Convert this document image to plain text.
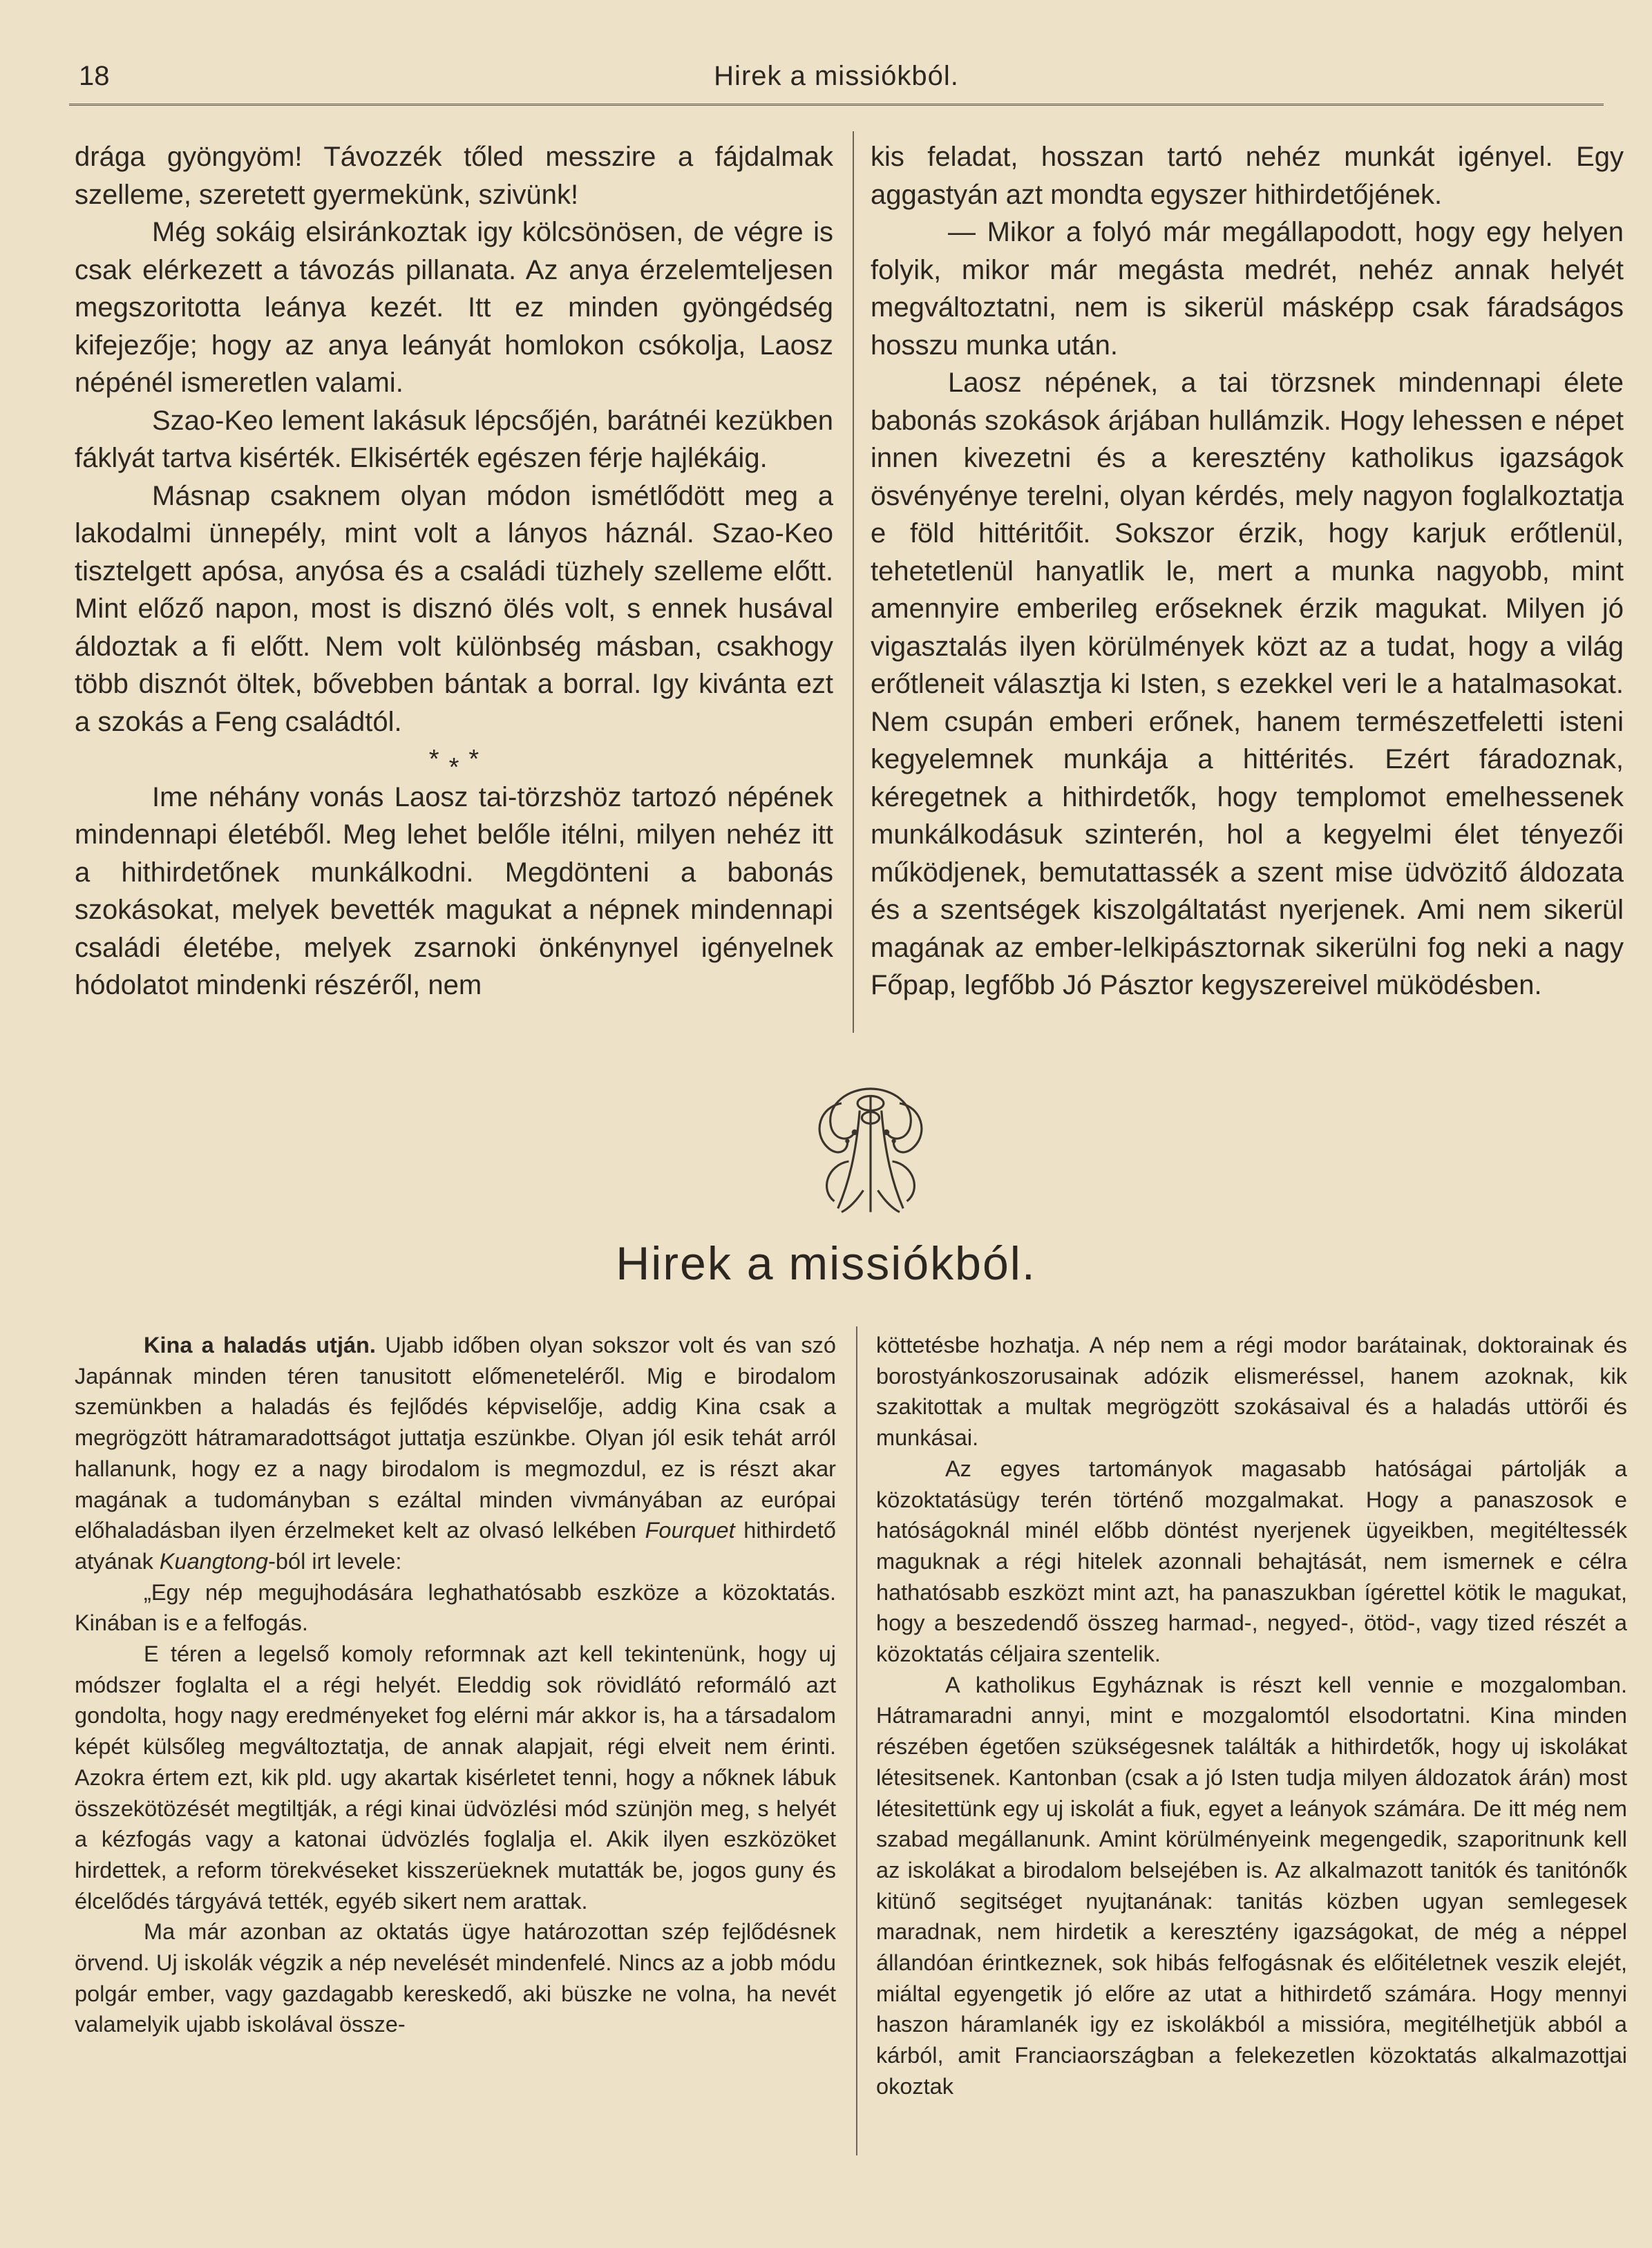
18	Hirek a missiókból.

drága gyöngyöm! Távozzék tőled messzire a fájdalmak szelleme, szeretett gyermekünk, szivünk!

Még sokáig elsiránkoztak igy kölcsönösen, de végre is csak elérkezett a távozás pillanata. Az anya érzelemteljesen megszoritotta leánya kezét. Itt ez minden gyöngédség kifejezője; hogy az anya leányát homlokon csókolja, Laosz népénél ismeretlen valami.

Szao-Keo lement lakásuk lépcsőjén, barátnéi kezükben fáklyát tartva kisérték. Elkisérték egészen férje hajlékáig.

Másnap csaknem olyan módon ismétlődött meg a lakodalmi ünnepély, mint volt a lányos háznál. Szao-Keo tisztelgett apósa, anyósa és a családi tüzhely szelleme előtt. Mint előző napon, most is disznó ölés volt, s ennek husával áldoztak a fi előtt. Nem volt különbség másban, csakhogy több disznót öltek, bővebben bántak a borral. Igy kivánta ezt a szokás a Feng családtól.

* * *

Ime néhány vonás Laosz tai-törzshöz tartozó népének mindennapi életéből. Meg lehet belőle itélni, milyen nehéz itt a hithirdetőnek munkálkodni. Megdönteni a babonás szokásokat, melyek bevették magukat a népnek mindennapi családi életébe, melyek zsarnoki önkénynyel igényelnek hódolatot mindenki részéről, nem

kis feladat, hosszan tartó nehéz munkát igényel. Egy aggastyán azt mondta egyszer hithirdetőjének.

— Mikor a folyó már megállapodott, hogy egy helyen folyik, mikor már megásta medrét, nehéz annak helyét megváltoztatni, nem is sikerül másképp csak fáradságos hosszu munka után.

Laosz népének, a tai törzsnek mindennapi élete babonás szokások árjában hullámzik. Hogy lehessen e népet innen kivezetni és a keresztény katholikus igazságok ösvényénye terelni, olyan kérdés, mely nagyon foglalkoztatja e föld hittéritőit. Sokszor érzik, hogy karjuk erőtlenül, tehetetlenül hanyatlik le, mert a munka nagyobb, mint amennyire emberileg erőseknek érzik magukat. Milyen jó vigasztalás ilyen körülmények közt az a tudat, hogy a világ erőtleneit választja ki Isten, s ezekkel veri le a hatalmasokat. Nem csupán emberi erőnek, hanem természetfeletti isteni kegyelemnek munkája a hittérités. Ezért fáradoznak, kéregetnek a hithirdetők, hogy templomot emelhessenek munkálkodásuk szinterén, hol a kegyelmi élet tényezői működjenek, bemutattassék a szent mise üdvözitő áldozata és a szentségek kiszolgáltatást nyerjenek. Ami nem sikerül magának az ember-lelkipásztornak sikerülni fog neki a nagy Főpap, legfőbb Jó Pásztor kegyszereivel müködésben.

Hirek a missiókból.

Kina a haladás utján. Ujabb időben olyan sokszor volt és van szó Japánnak minden téren tanusitott előmeneteléről. Mig e birodalom szemünkben a haladás és fejlődés képviselője, addig Kina csak a megrögzött hátramaradottságot juttatja eszünkbe. Olyan jól esik tehát arról hallanunk, hogy ez a nagy birodalom is megmozdul, ez is részt akar magának a tudományban s ezáltal minden vivmányában az európai előhaladásban ilyen érzelmeket kelt az olvasó lelkében Fourquet hithirdető atyának Kuangtong-ból irt levele:

„Egy nép megujhodására leghathatósabb eszköze a közoktatás. Kinában is e a felfogás.

E téren a legelső komoly reformnak azt kell tekintenünk, hogy uj módszer foglalta el a régi helyét. Eleddig sok rövidlátó reformáló azt gondolta, hogy nagy eredményeket fog elérni már akkor is, ha a társadalom képét külsőleg megváltoztatja, de annak alapjait, régi elveit nem érinti. Azokra értem ezt, kik pld. ugy akartak kisérletet tenni, hogy a nőknek lábuk összekötözését megtiltják, a régi kinai üdvözlési mód szünjön meg, s helyét a kézfogás vagy a katonai üdvözlés foglalja el. Akik ilyen eszközöket hirdettek, a reform törekvéseket kisszerüeknek mutatták be, jogos guny és élcelődés tárgyává tették, egyéb sikert nem arattak.

Ma már azonban az oktatás ügye határozottan szép fejlődésnek örvend. Uj iskolák végzik a nép nevelését mindenfelé. Nincs az a jobb módu polgár ember, vagy gazdagabb kereskedő, aki büszke ne volna, ha nevét valamelyik ujabb iskolával össze-

köttetésbe hozhatja. A nép nem a régi modor barátainak, doktorainak és borostyánkoszorusainak adózik elismeréssel, hanem azoknak, kik szakitottak a multak megrögzött szokásaival és a haladás uttörői és munkásai.

Az egyes tartományok magasabb hatóságai pártolják a közoktatásügy terén történő mozgalmakat. Hogy a panaszosok e hatóságoknál minél előbb döntést nyerjenek ügyeikben, megitéltessék maguknak a régi hitelek azonnali behajtását, nem ismernek e célra hathatósabb eszközt mint azt, ha panaszukban ígérettel kötik le magukat, hogy a beszedendő összeg harmad-, negyed-, ötöd-, vagy tized részét a közoktatás céljaira szentelik.

A katholikus Egyháznak is részt kell vennie e mozgalomban. Hátramaradni annyi, mint e mozgalomtól elsodortatni. Kina minden részében égetően szükségesnek találták a hithirdetők, hogy uj iskolákat létesitsenek. Kantonban (csak a jó Isten tudja milyen áldozatok árán) most létesitettünk egy uj iskolát a fiuk, egyet a leányok számára. De itt még nem szabad megállanunk. Amint körülményeink megengedik, szaporitnunk kell az iskolákat a birodalom belsejében is. Az alkalmazott tanitók és tanitónők kitünő segitséget nyujtanának: tanitás közben ugyan semlegesek maradnak, nem hirdetik a keresztény igazságokat, de még a néppel állandóan érintkeznek, sok hibás felfogásnak és előitéletnek veszik elejét, miáltal egyengetik jó előre az utat a hithirdető számára. Hogy mennyi haszon háramlanék igy ez iskolákból a missióra, megitélhetjük abból a kárból, amit Franciaországban a felekezetlen közoktatás alkalmazottjai okoztak
